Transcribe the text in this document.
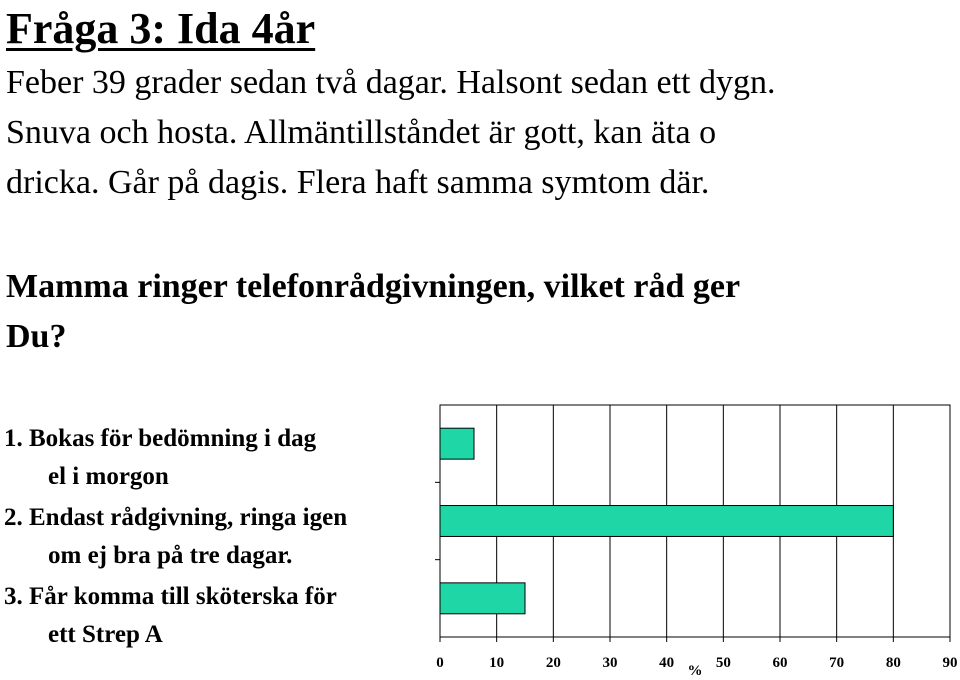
Fråga 3: Ida 4år

Feber 39 grader sedan två dagar. Halsont sedan ett dygn.
Snuva och hosta. Allmäntillståndet är gott, kan äta o
dricka. Går på dagis. Flera haft samma symtom där.

Mamma ringer telefonrådgivningen, vilket råd ger
Du?

1. Bokas för bedömning i dag
el i morgon
2. Endast rådgivning, ringa igen
om ej bra på tre dagar.
3. Får komma till sköterska för
ett Strep A
0	10	20	30	40	50	60	70	80	90
%
